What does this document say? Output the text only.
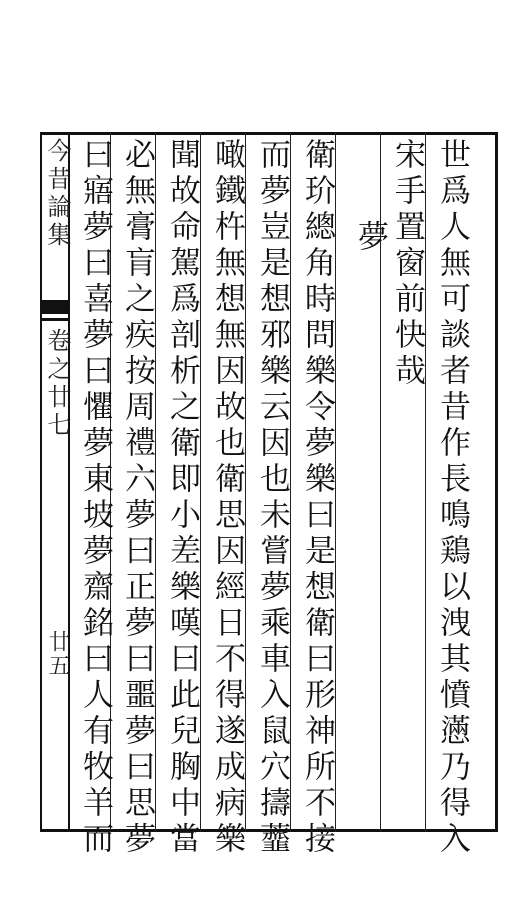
今昔論集
卷之廿七
廿五	世爲人無可談者昔作長鳴鶏以洩其憤懣乃得入
宋手置窗前快哉
夢
衛玠總角時問樂令夢樂曰是想衛曰形神所不接
而夢豈是想邪樂云因也未嘗夢乘車入鼠穴擣虀
噉鐵杵無想無因故也衛思因經日不得遂成病樂
聞故命駕爲剖析之衛即小差樂嘆曰此兒胸中當
必無膏肓之疾按周禮六夢曰正夢曰噩夢曰思夢
曰寤夢曰喜夢曰懼夢東坡夢齋銘曰人有牧羊而
